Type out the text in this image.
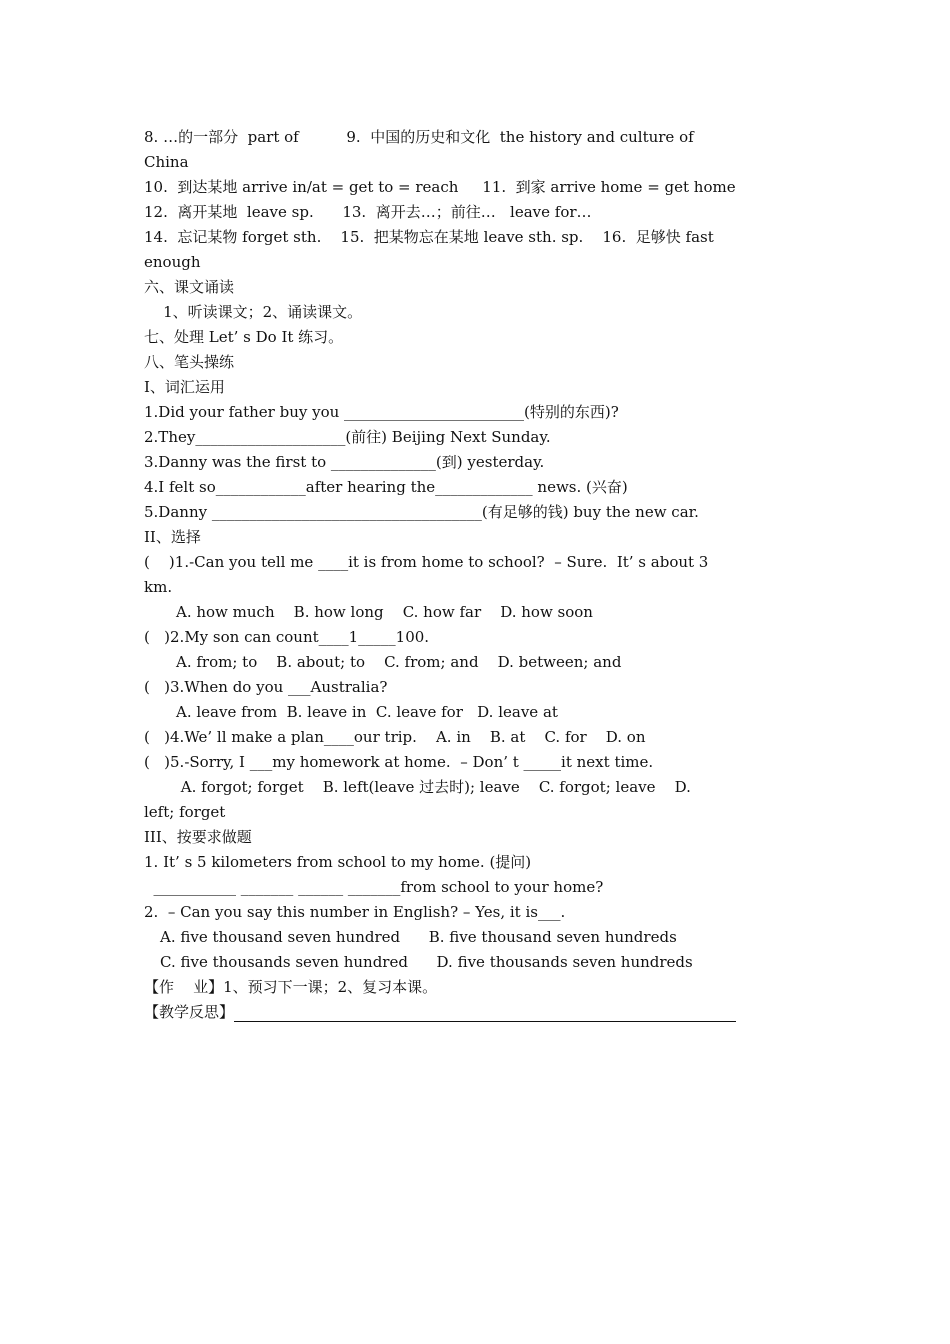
8. …的一部分  part of          9.  中国的历史和文化  the history and culture of
China
10.  到达某地 arrive in/at = get to = reach     11.  到家 arrive home = get home
12.  离开某地  leave sp.      13.  离开去…；前往…   leave for…
14.  忘记某物 forget sth.    15.  把某物忘在某地 leave sth. sp.    16.  足够快 fast
enough
六、课文诵读
1、听读课文；2、诵读课文。
七、处理 Let’ s Do It 练习。
八、笔头操练
I、词汇运用
1.Did your father buy you ________________________(特别的东西)?
2.They____________________(前往) Beijing Next Sunday.
3.Danny was the first to ______________(到) yesterday.
4.I felt so____________after hearing the_____________ news. (兴奋)
5.Danny ____________________________________(有足够的钱) buy the new car.
II、选择
(    )1.-Can you tell me ____it is from home to school?  – Sure.  It’ s about 3
km.
A. how much    B. how long    C. how far    D. how soon
(   )2.My son can count____1_____100.
A. from; to    B. about; to    C. from; and    D. between; and
(   )3.When do you ___Australia?
A. leave from  B. leave in  C. leave for   D. leave at
(   )4.We’ ll make a plan____our trip.    A. in    B. at    C. for    D. on
(   )5.-Sorry, I ___my homework at home.  – Don’ t _____it next time.
A. forgot; forget    B. left(leave 过去时); leave    C. forgot; leave    D.
left; forget
III、按要求做题
1. It’ s 5 kilometers from school to my home. (提问)
___________ _______ ______ _______from school to your home?
2.  – Can you say this number in English? – Yes, it is___.
A. five thousand seven hundred      B. five thousand seven hundreds
C. five thousands seven hundred      D. five thousands seven hundreds
【作    业】1、预习下一课；2、复习本课。
【教学反思】
